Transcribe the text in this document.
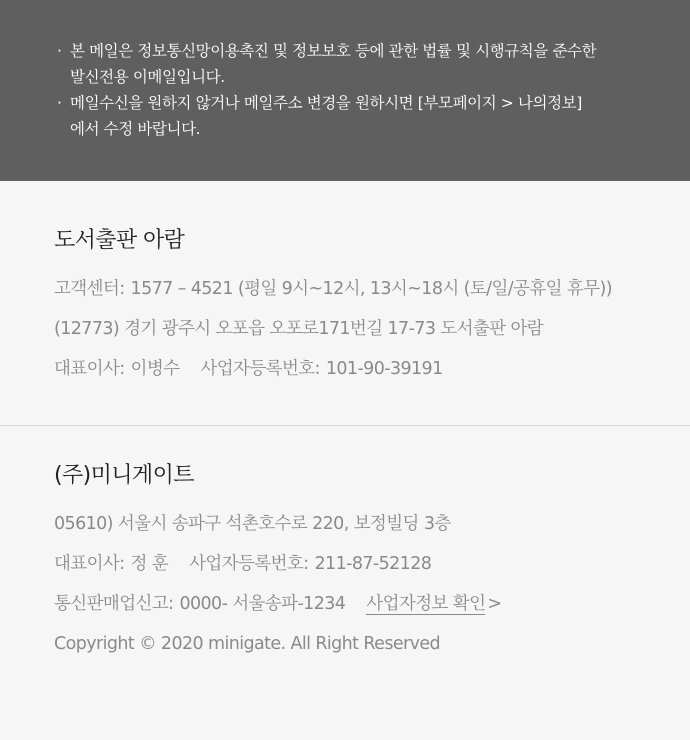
· 본 메일은 정보통신망이용촉진 및 정보보호 등에 관한 법률 및 시행규칙을 준수한
발신전용 이메일입니다.
· 메일수신을 원하지 않거나 메일주소 변경을 원하시면 [부모페이지 > 나의정보]
에서 수정 바랍니다.
도서출판 아람
고객센터: 1577 – 4521 (평일 9시~12시, 13시~18시 (토/일/공휴일 휴무))
(12773) 경기 광주시 오포읍 오포로171번길 17-73 도서출판 아람
대표이사: 이병수 사업자등록번호: 101-90-39191
(주)미니게이트
05610) 서울시 송파구 석촌호수로 220, 보정빌딩 3층
대표이사: 정 훈 사업자등록번호: 211-87-52128
통신판매업신고: 0000- 서울송파-1234 사업자정보 확인 >
Copyright © 2020 minigate. All Right Reserved
